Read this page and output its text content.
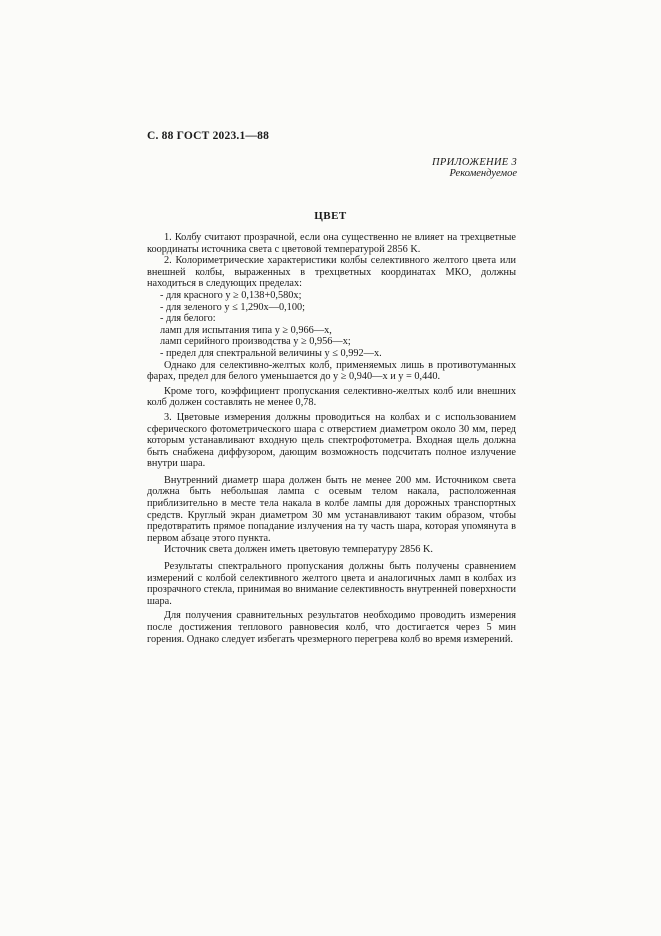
С. 88 ГОСТ 2023.1—88
ПРИЛОЖЕНИЕ 3
Рекомендуемое
ЦВЕТ

1. Колбу считают прозрачной, если она существенно не влияет на трехцветные координаты источника света с цветовой температурой 2856 K.

2. Колориметрические характеристики колбы селективного желтого цвета или внешней колбы, выраженных в трехцветных координатах МКО, должны находиться в следующих пределах:

- для красного y ≥ 0,138+0,580x;

- для зеленого y ≤ 1,290x—0,100;

- для белого:

ламп для испытания типа y ≥ 0,966—x,

ламп серийного производства y ≥ 0,956—x;

- предел для спектральной величины y ≤ 0,992—x.

Однако для селективно-желтых колб, применяемых лишь в противотуманных фарах, предел для белого уменьшается до y ≥ 0,940—x и y = 0,440.

Кроме того, коэффициент пропускания селективно-желтых колб или внешних колб должен составлять не менее 0,78.

3. Цветовые измерения должны проводиться на колбах и с использованием сферического фотометрического шара с отверстием диаметром около 30 мм, перед которым устанавливают входную щель спектрофотометра. Входная щель должна быть снабжена диффузором, дающим возможность подсчитать полное излучение внутри шара.

Внутренний диаметр шара должен быть не менее 200 мм. Источником света должна быть небольшая лампа с осевым телом накала, расположенная приблизительно в месте тела накала в колбе лампы для дорожных транспортных средств. Круглый экран диаметром 30 мм устанавливают таким образом, чтобы предотвратить прямое попадание излучения на ту часть шара, которая упомянута в первом абзаце этого пункта.

Источник света должен иметь цветовую температуру 2856 K.

Результаты спектрального пропускания должны быть получены сравнением измерений с колбой селективного желтого цвета и аналогичных ламп в колбах из прозрачного стекла, принимая во внимание селективность внутренней поверхности шара.

Для получения сравнительных результатов необходимо проводить измерения после достижения теплового равновесия колб, что достигается через 5 мин горения. Однако следует избегать чрезмерного перегрева колб во время измерений.
